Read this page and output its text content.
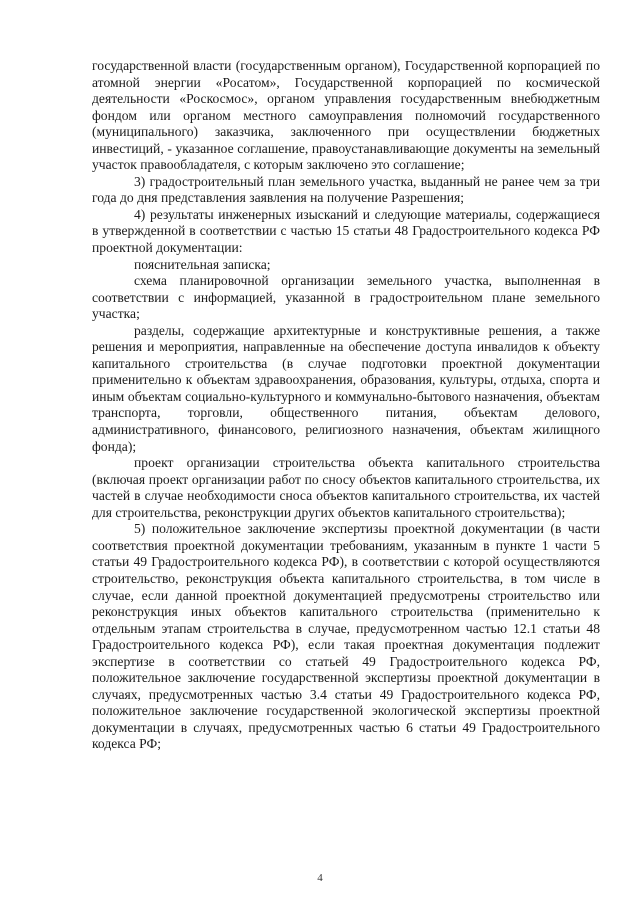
государственной власти (государственным органом), Государственной корпорацией по атомной энергии «Росатом», Государственной корпорацией по космической деятельности «Роскосмос», органом управления государственным внебюджетным фондом или органом местного самоуправления полномочий государственного (муниципального) заказчика, заключенного при осуществлении бюджетных инвестиций, - указанное соглашение, правоустанавливающие документы на земельный участок правообладателя, с которым заключено это соглашение;

3) градостроительный план земельного участка, выданный не ранее чем за три года до дня представления заявления на получение Разрешения;

4) результаты инженерных изысканий и следующие материалы, содержащиеся в утвержденной в соответствии с частью 15 статьи 48 Градостроительного кодекса РФ проектной документации:

пояснительная записка;

схема планировочной организации земельного участка, выполненная в соответствии с информацией, указанной в градостроительном плане земельного участка;

разделы, содержащие архитектурные и конструктивные решения, а также решения и мероприятия, направленные на обеспечение доступа инвалидов к объекту капитального строительства (в случае подготовки проектной документации применительно к объектам здравоохранения, образования, культуры, отдыха, спорта и иным объектам социально-культурного и коммунально-бытового назначения, объектам транспорта, торговли, общественного питания, объектам делового, административного, финансового, религиозного назначения, объектам жилищного фонда);

проект организации строительства объекта капитального строительства (включая проект организации работ по сносу объектов капитального строительства, их частей в случае необходимости сноса объектов капитального строительства, их частей для строительства, реконструкции других объектов капитального строительства);

5) положительное заключение экспертизы проектной документации (в части соответствия проектной документации требованиям, указанным в пункте 1 части 5 статьи 49 Градостроительного кодекса РФ), в соответствии с которой осуществляются строительство, реконструкция объекта капитального строительства, в том числе в случае, если данной проектной документацией предусмотрены строительство или реконструкция иных объектов капитального строительства (применительно к отдельным этапам строительства в случае, предусмотренном частью 12.1 статьи 48 Градостроительного кодекса РФ), если такая проектная документация подлежит экспертизе в соответствии со статьей 49 Градостроительного кодекса РФ, положительное заключение государственной экспертизы проектной документации в случаях, предусмотренных частью 3.4 статьи 49 Градостроительного кодекса РФ, положительное заключение государственной экологической экспертизы проектной документации в случаях, предусмотренных частью 6 статьи 49 Градостроительного кодекса РФ;

4
